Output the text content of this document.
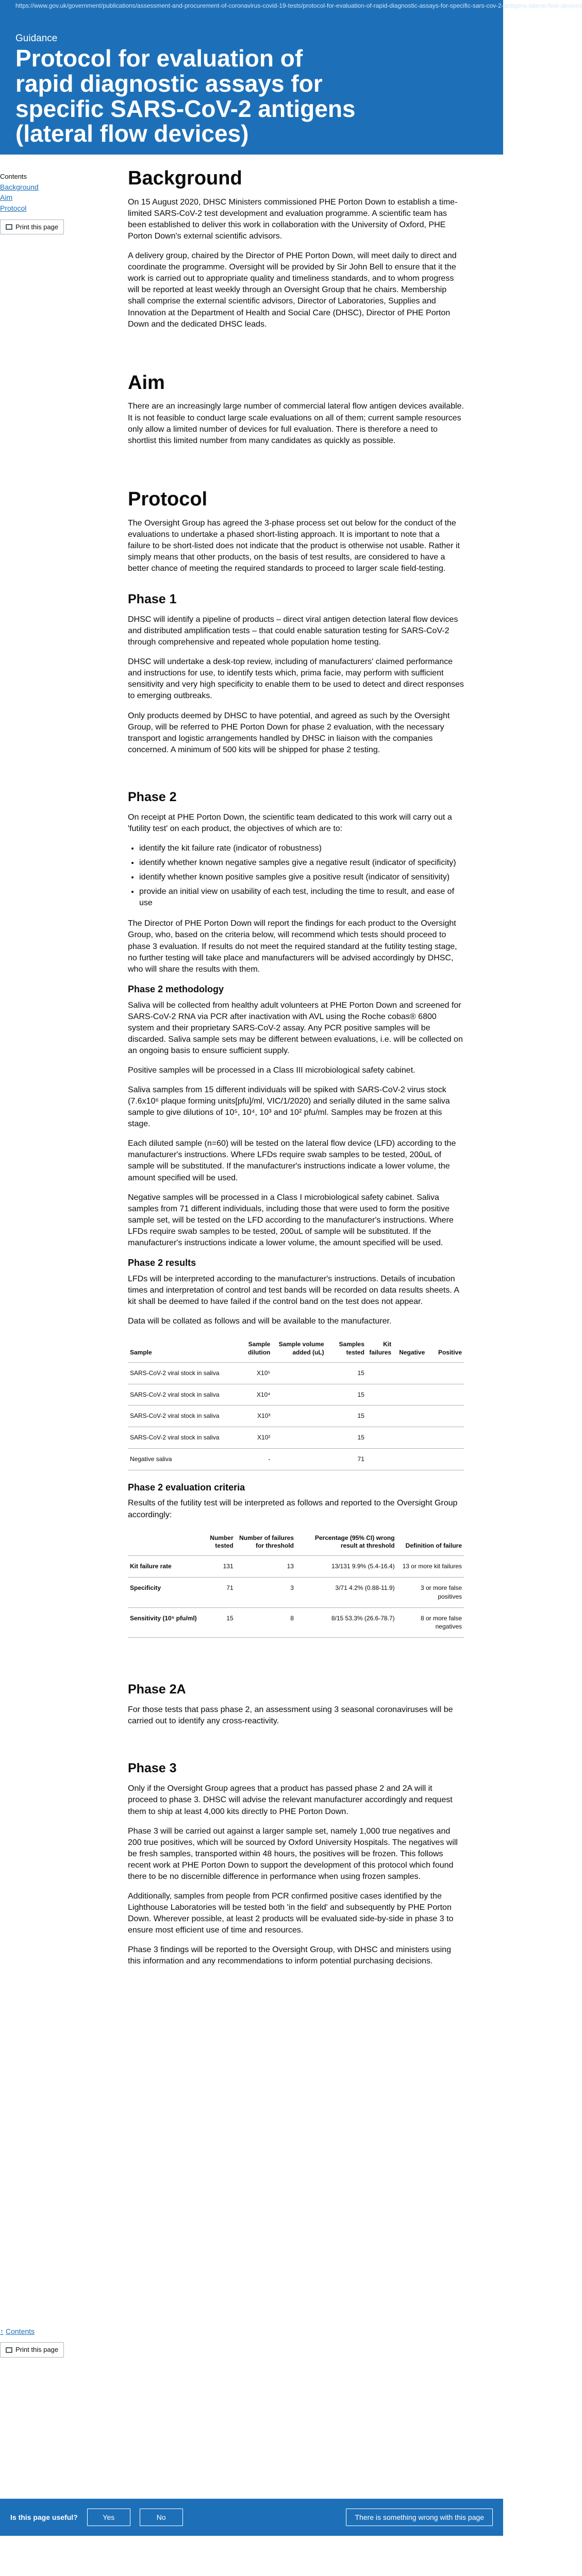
https://www.gov.uk/government/publications/assessment-and-procurement-of-coronavirus-covid-19-tests/protocol-for-evaluation-of-rapid-diagnostic-assays-for-specific-sars-cov-2-antigens-lateral-flow-devices
Guidance
Protocol for evaluation of rapid diagnostic assays for specific SARS-CoV-2 antigens (lateral flow devices)
Updated 30 March 2021
Contents
Background
Aim
Protocol
Print this page
Background

On 15 August 2020, DHSC Ministers commissioned PHE Porton Down to establish a time-limited SARS-CoV-2 test development and evaluation programme. A scientific team has been established to deliver this work in collaboration with the University of Oxford, PHE Porton Down's external scientific advisors.

A delivery group, chaired by the Director of PHE Porton Down, will meet daily to direct and coordinate the programme. Oversight will be provided by Sir John Bell to ensure that it the work is carried out to appropriate quality and timeliness standards, and to whom progress will be reported at least weekly through an Oversight Group that he chairs. Membership shall comprise the external scientific advisors, Director of Laboratories, Supplies and Innovation at the Department of Health and Social Care (DHSC), Director of PHE Porton Down and the dedicated DHSC leads.

Aim

There are an increasingly large number of commercial lateral flow antigen devices available. It is not feasible to conduct large scale evaluations on all of them; current sample resources only allow a limited number of devices for full evaluation. There is therefore a need to shortlist this limited number from many candidates as quickly as possible.

Protocol

The Oversight Group has agreed the 3-phase process set out below for the conduct of the evaluations to undertake a phased short-listing approach. It is important to note that a failure to be short-listed does not indicate that the product is otherwise not usable. Rather it simply means that other products, on the basis of test results, are considered to have a better chance of meeting the required standards to proceed to larger scale field-testing.

Phase 1

DHSC will identify a pipeline of products – direct viral antigen detection lateral flow devices and distributed amplification tests – that could enable saturation testing for SARS-CoV-2 through comprehensive and repeated whole population home testing.

DHSC will undertake a desk-top review, including of manufacturers' claimed performance and instructions for use, to identify tests which, prima facie, may perform with sufficient sensitivity and very high specificity to enable them to be used to detect and direct responses to emerging outbreaks.

Only products deemed by DHSC to have potential, and agreed as such by the Oversight Group, will be referred to PHE Porton Down for phase 2 evaluation, with the necessary transport and logistic arrangements handled by DHSC in liaison with the companies concerned. A minimum of 500 kits will be shipped for phase 2 testing.

Phase 2

On receipt at PHE Porton Down, the scientific team dedicated to this work will carry out a 'futility test' on each product, the objectives of which are to:

• identify the kit failure rate (indicator of robustness)
• identify whether known negative samples give a negative result (indicator of specificity)
• identify whether known positive samples give a positive result (indicator of sensitivity)
• provide an initial view on usability of each test, including the time to result, and ease of use

The Director of PHE Porton Down will report the findings for each product to the Oversight Group, who, based on the criteria below, will recommend which tests should proceed to phase 3 evaluation. If results do not meet the required standard at the futility testing stage, no further testing will take place and manufacturers will be advised accordingly by DHSC, who will share the results with them.

Phase 2 methodology

Saliva will be collected from healthy adult volunteers at PHE Porton Down and screened for SARS-CoV-2 RNA via PCR after inactivation with AVL using the Roche cobas® 6800 system and their proprietary SARS-CoV-2 assay. Any PCR positive samples will be discarded. Saliva sample sets may be different between evaluations, i.e. will be collected on an ongoing basis to ensure sufficient supply.

Positive samples will be processed in a Class III microbiological safety cabinet.

Saliva samples from 15 different individuals will be spiked with SARS-CoV-2 virus stock (7.6x10⁶ plaque forming units[pfu]/ml, VIC/1/2020) and serially diluted in the same saliva sample to give dilutions of 10⁵, 10⁴, 10³ and 10² pfu/ml. Samples may be frozen at this stage.

Each diluted sample (n=60) will be tested on the lateral flow device (LFD) according to the manufacturer's instructions. Where LFDs require swab samples to be tested, 200uL of sample will be substituted. If the manufacturer's instructions indicate a lower volume, the amount specified will be used.

Negative samples will be processed in a Class I microbiological safety cabinet. Saliva samples from 71 different individuals, including those that were used to form the positive sample set, will be tested on the LFD according to the manufacturer's instructions. Where LFDs require swab samples to be tested, 200uL of sample will be substituted. If the manufacturer's instructions indicate a lower volume, the amount specified will be used.

Phase 2 results

LFDs will be interpreted according to the manufacturer's instructions. Details of incubation times and interpretation of control and test bands will be recorded on data results sheets. A kit shall be deemed to have failed if the control band on the test does not appear.

Data will be collated as follows and will be available to the manufacturer.

Sample	Sample dilution	Sample volume added (uL)	Samples tested	Kit failures	Negative	Positive
SARS-CoV-2 viral stock in saliva	X10⁵		15			
SARS-CoV-2 viral stock in saliva	X10⁴		15			
SARS-CoV-2 viral stock in saliva	X10³		15			
SARS-CoV-2 viral stock in saliva	X10²		15			
Negative saliva	-		71			
Phase 2 evaluation criteria

Results of the futility test will be interpreted as follows and reported to the Oversight Group accordingly:

	Number tested	Number of failures for threshold	Percentage (95% CI) wrong result at threshold	Definition of failure
Kit failure rate	131	13	13/131 9.9% (5.4-16.4)	13 or more kit failures
Specificity	71	3	3/71 4.2% (0.88-11.9)	3 or more false positives
Sensitivity (10⁵ pfu/ml)	15	8	8/15 53.3% (26.6-78.7)	8 or more false negatives
Phase 2A

For those tests that pass phase 2, an assessment using 3 seasonal coronaviruses will be carried out to identify any cross-reactivity.

Phase 3

Only if the Oversight Group agrees that a product has passed phase 2 and 2A will it proceed to phase 3. DHSC will advise the relevant manufacturer accordingly and request them to ship at least 4,000 kits directly to PHE Porton Down.

Phase 3 will be carried out against a larger sample set, namely 1,000 true negatives and 200 true positives, which will be sourced by Oxford University Hospitals. The negatives will be fresh samples, transported within 48 hours, the positives will be frozen. This follows recent work at PHE Porton Down to support the development of this protocol which found there to be no discernible difference in performance when using frozen samples.

Additionally, samples from people from PCR confirmed positive cases identified by the Lighthouse Laboratories will be tested both 'in the field' and subsequently by PHE Porton Down. Wherever possible, at least 2 products will be evaluated side-by-side in phase 3 to ensure most efficient use of time and resources.

Phase 3 findings will be reported to the Oversight Group, with DHSC and ministers using this information and any recommendations to inform potential purchasing decisions.

↑ Contents
Print this page
Is this page useful?	Yes	No	There is something wrong with this page
